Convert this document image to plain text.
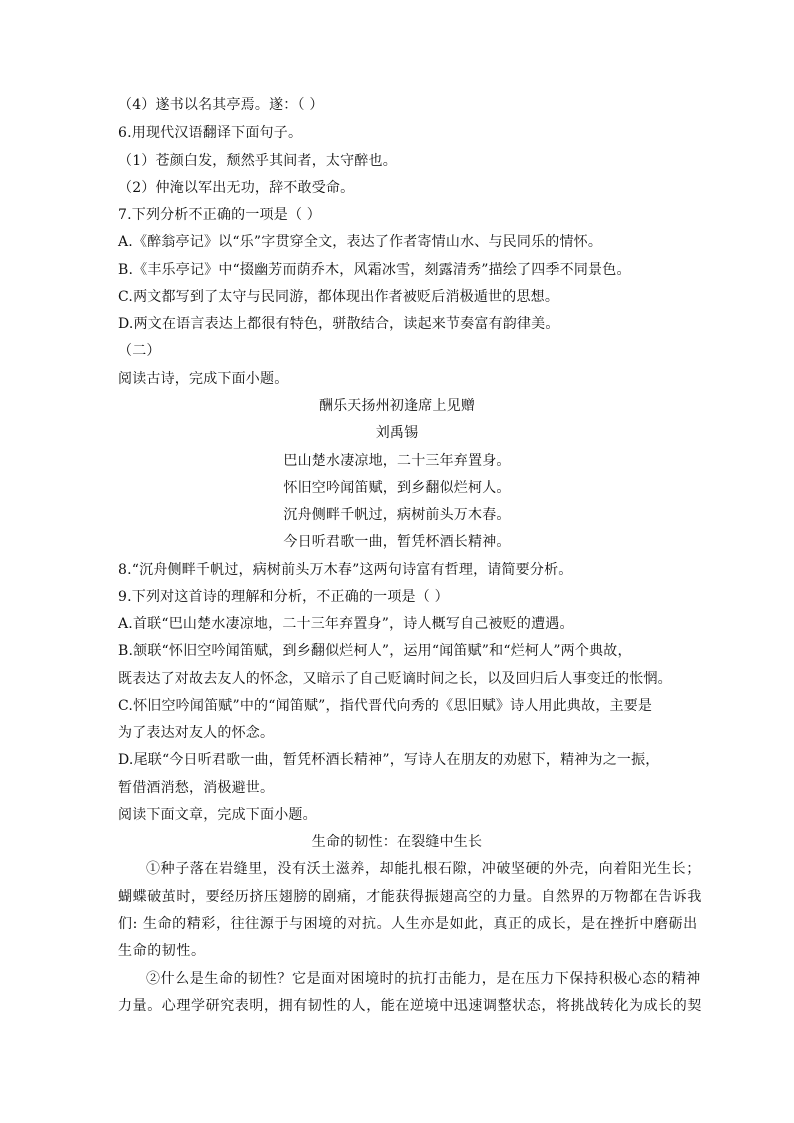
（4）遂书以名其亭焉。遂：（ ）
6.用现代汉语翻译下面句子。
（1）苍颜白发，颓然乎其间者，太守醉也。
（2）仲淹以军出无功，辞不敢受命。
7.下列分析不正确的一项是（ ）
A.《醉翁亭记》以“乐”字贯穿全文，表达了作者寄情山水、与民同乐的情怀。
B.《丰乐亭记》中“掇幽芳而荫乔木，风霜冰雪，刻露清秀”描绘了四季不同景色。
C.两文都写到了太守与民同游，都体现出作者被贬后消极遁世的思想。
D.两文在语言表达上都很有特色，骈散结合，读起来节奏富有韵律美。
（二）
阅读古诗，完成下面小题。
酬乐天扬州初逢席上见赠
刘禹锡
巴山楚水凄凉地，二十三年弃置身。
怀旧空吟闻笛赋，到乡翻似烂柯人。
沉舟侧畔千帆过，病树前头万木春。
今日听君歌一曲，暂凭杯酒长精神。
8.“沉舟侧畔千帆过，病树前头万木春”这两句诗富有哲理，请简要分析。
9.下列对这首诗的理解和分析，不正确的一项是（ ）
A.首联“巴山楚水凄凉地，二十三年弃置身”，诗人概写自己被贬的遭遇。
B.颔联“怀旧空吟闻笛赋，到乡翻似烂柯人”，运用“闻笛赋”和“烂柯人”两个典故，
既表达了对故去友人的怀念，又暗示了自己贬谪时间之长，以及回归后人事变迁的怅惘。
C.怀旧空吟闻笛赋”中的“闻笛赋”，指代晋代向秀的《思旧赋》诗人用此典故，主要是
为了表达对友人的怀念。
D.尾联“今日听君歌一曲，暂凭杯酒长精神”，写诗人在朋友的劝慰下，精神为之一振，
暂借酒消愁，消极避世。
阅读下面文章，完成下面小题。
生命的韧性：在裂缝中生长
①种子落在岩缝里，没有沃土滋养，却能扎根石隙，冲破坚硬的外壳，向着阳光生长；
蝴蝶破茧时，要经历挤压翅膀的剧痛，才能获得振翅高空的力量。自然界的万物都在告诉我
们: 生命的精彩，往往源于与困境的对抗。人生亦是如此，真正的成长，是在挫折中磨砺出
生命的韧性。
②什么是生命的韧性？它是面对困境时的抗打击能力，是在压力下保持积极心态的精神
力量。心理学研究表明，拥有韧性的人，能在逆境中迅速调整状态，将挑战转化为成长的契
